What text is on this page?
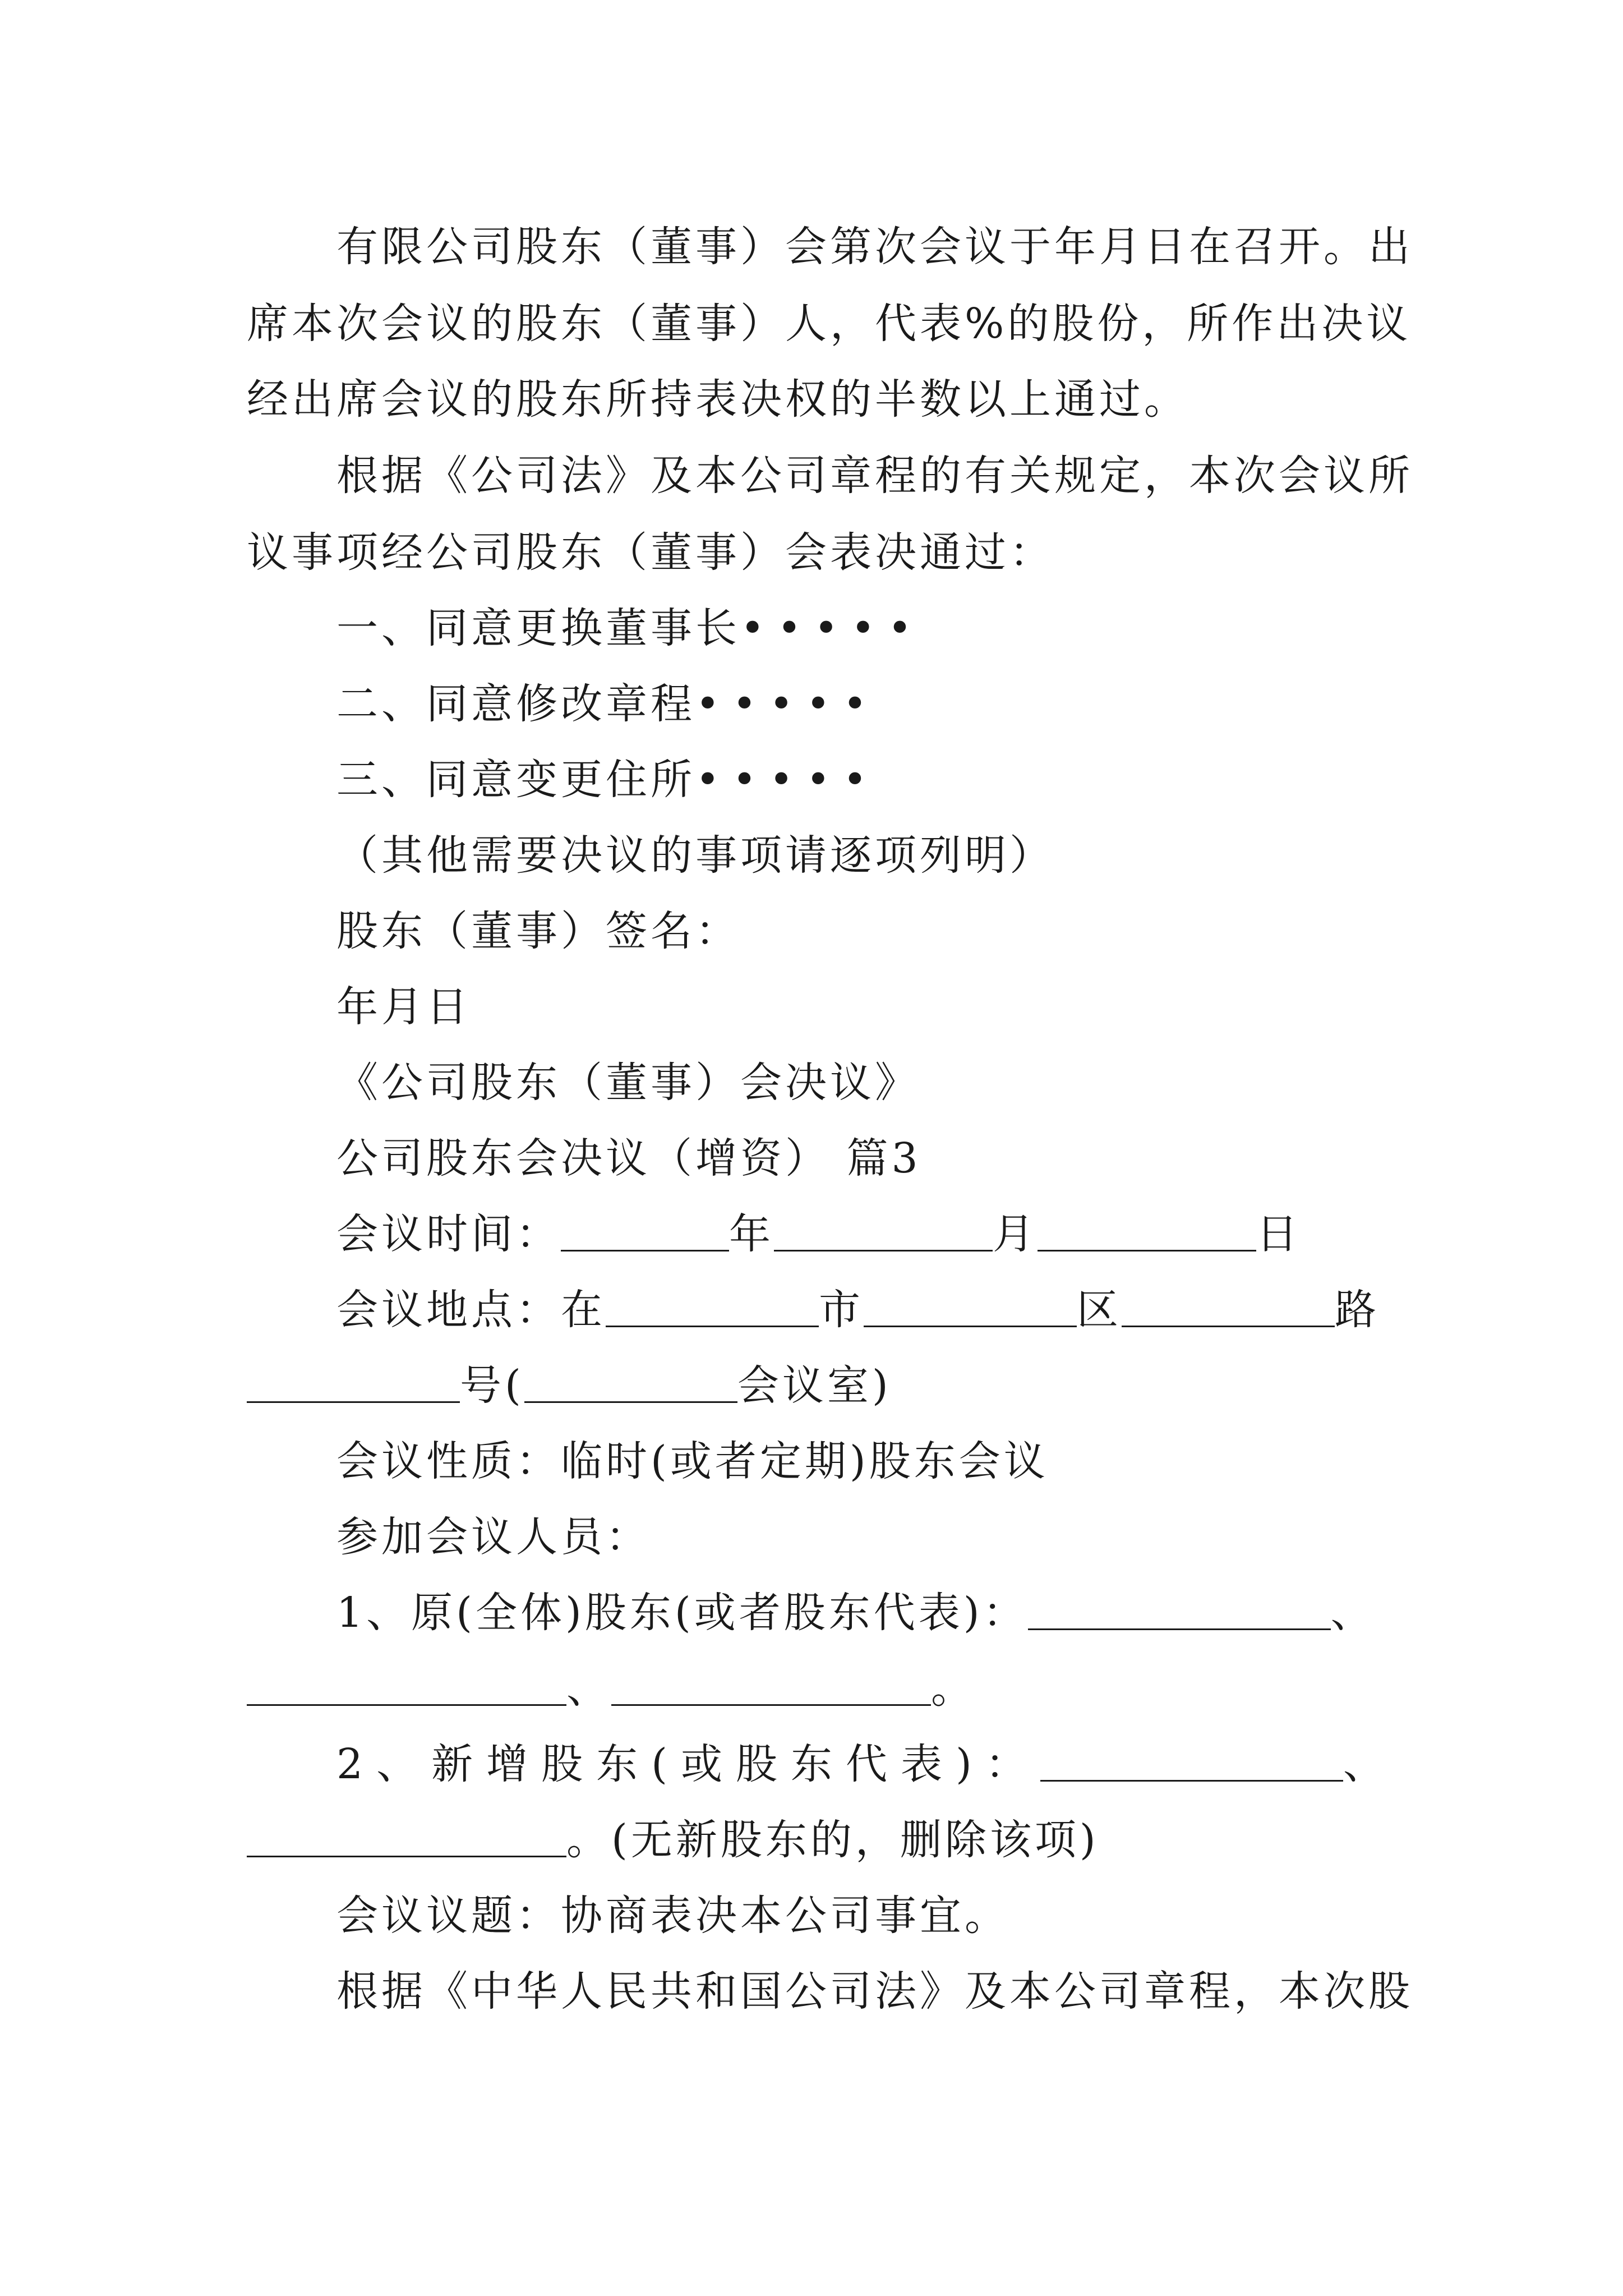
有限公司股东（董事）会第次会议于年月日在召开。出
席本次会议的股东（董事）人，代表%的股份，所作出决议
经出席会议的股东所持表决权的半数以上通过。
根据《公司法》及本公司章程的有关规定，本次会议所
议事项经公司股东（董事）会表决通过：
一、同意更换董事长•••••
二、同意修改章程•••••
三、同意变更住所•••••
（其他需要决议的事项请逐项列明）
股东（董事）签名：
年月日
《公司股东（董事）会决议》
公司股东会决议（增资） 篇3
会议时间：	年	月	日
会议地点：在	市	区	路
号(	会议室)
会议性质：临时(或者定期)股东会议
参加会议人员：
1、原(全体)股东(或者股东代表)：	、
、	。
2、新增股东(或股东代表)：	、
。(无新股东的，删除该项)
会议议题：协商表决本公司事宜。
根据《中华人民共和国公司法》及本公司章程，本次股
